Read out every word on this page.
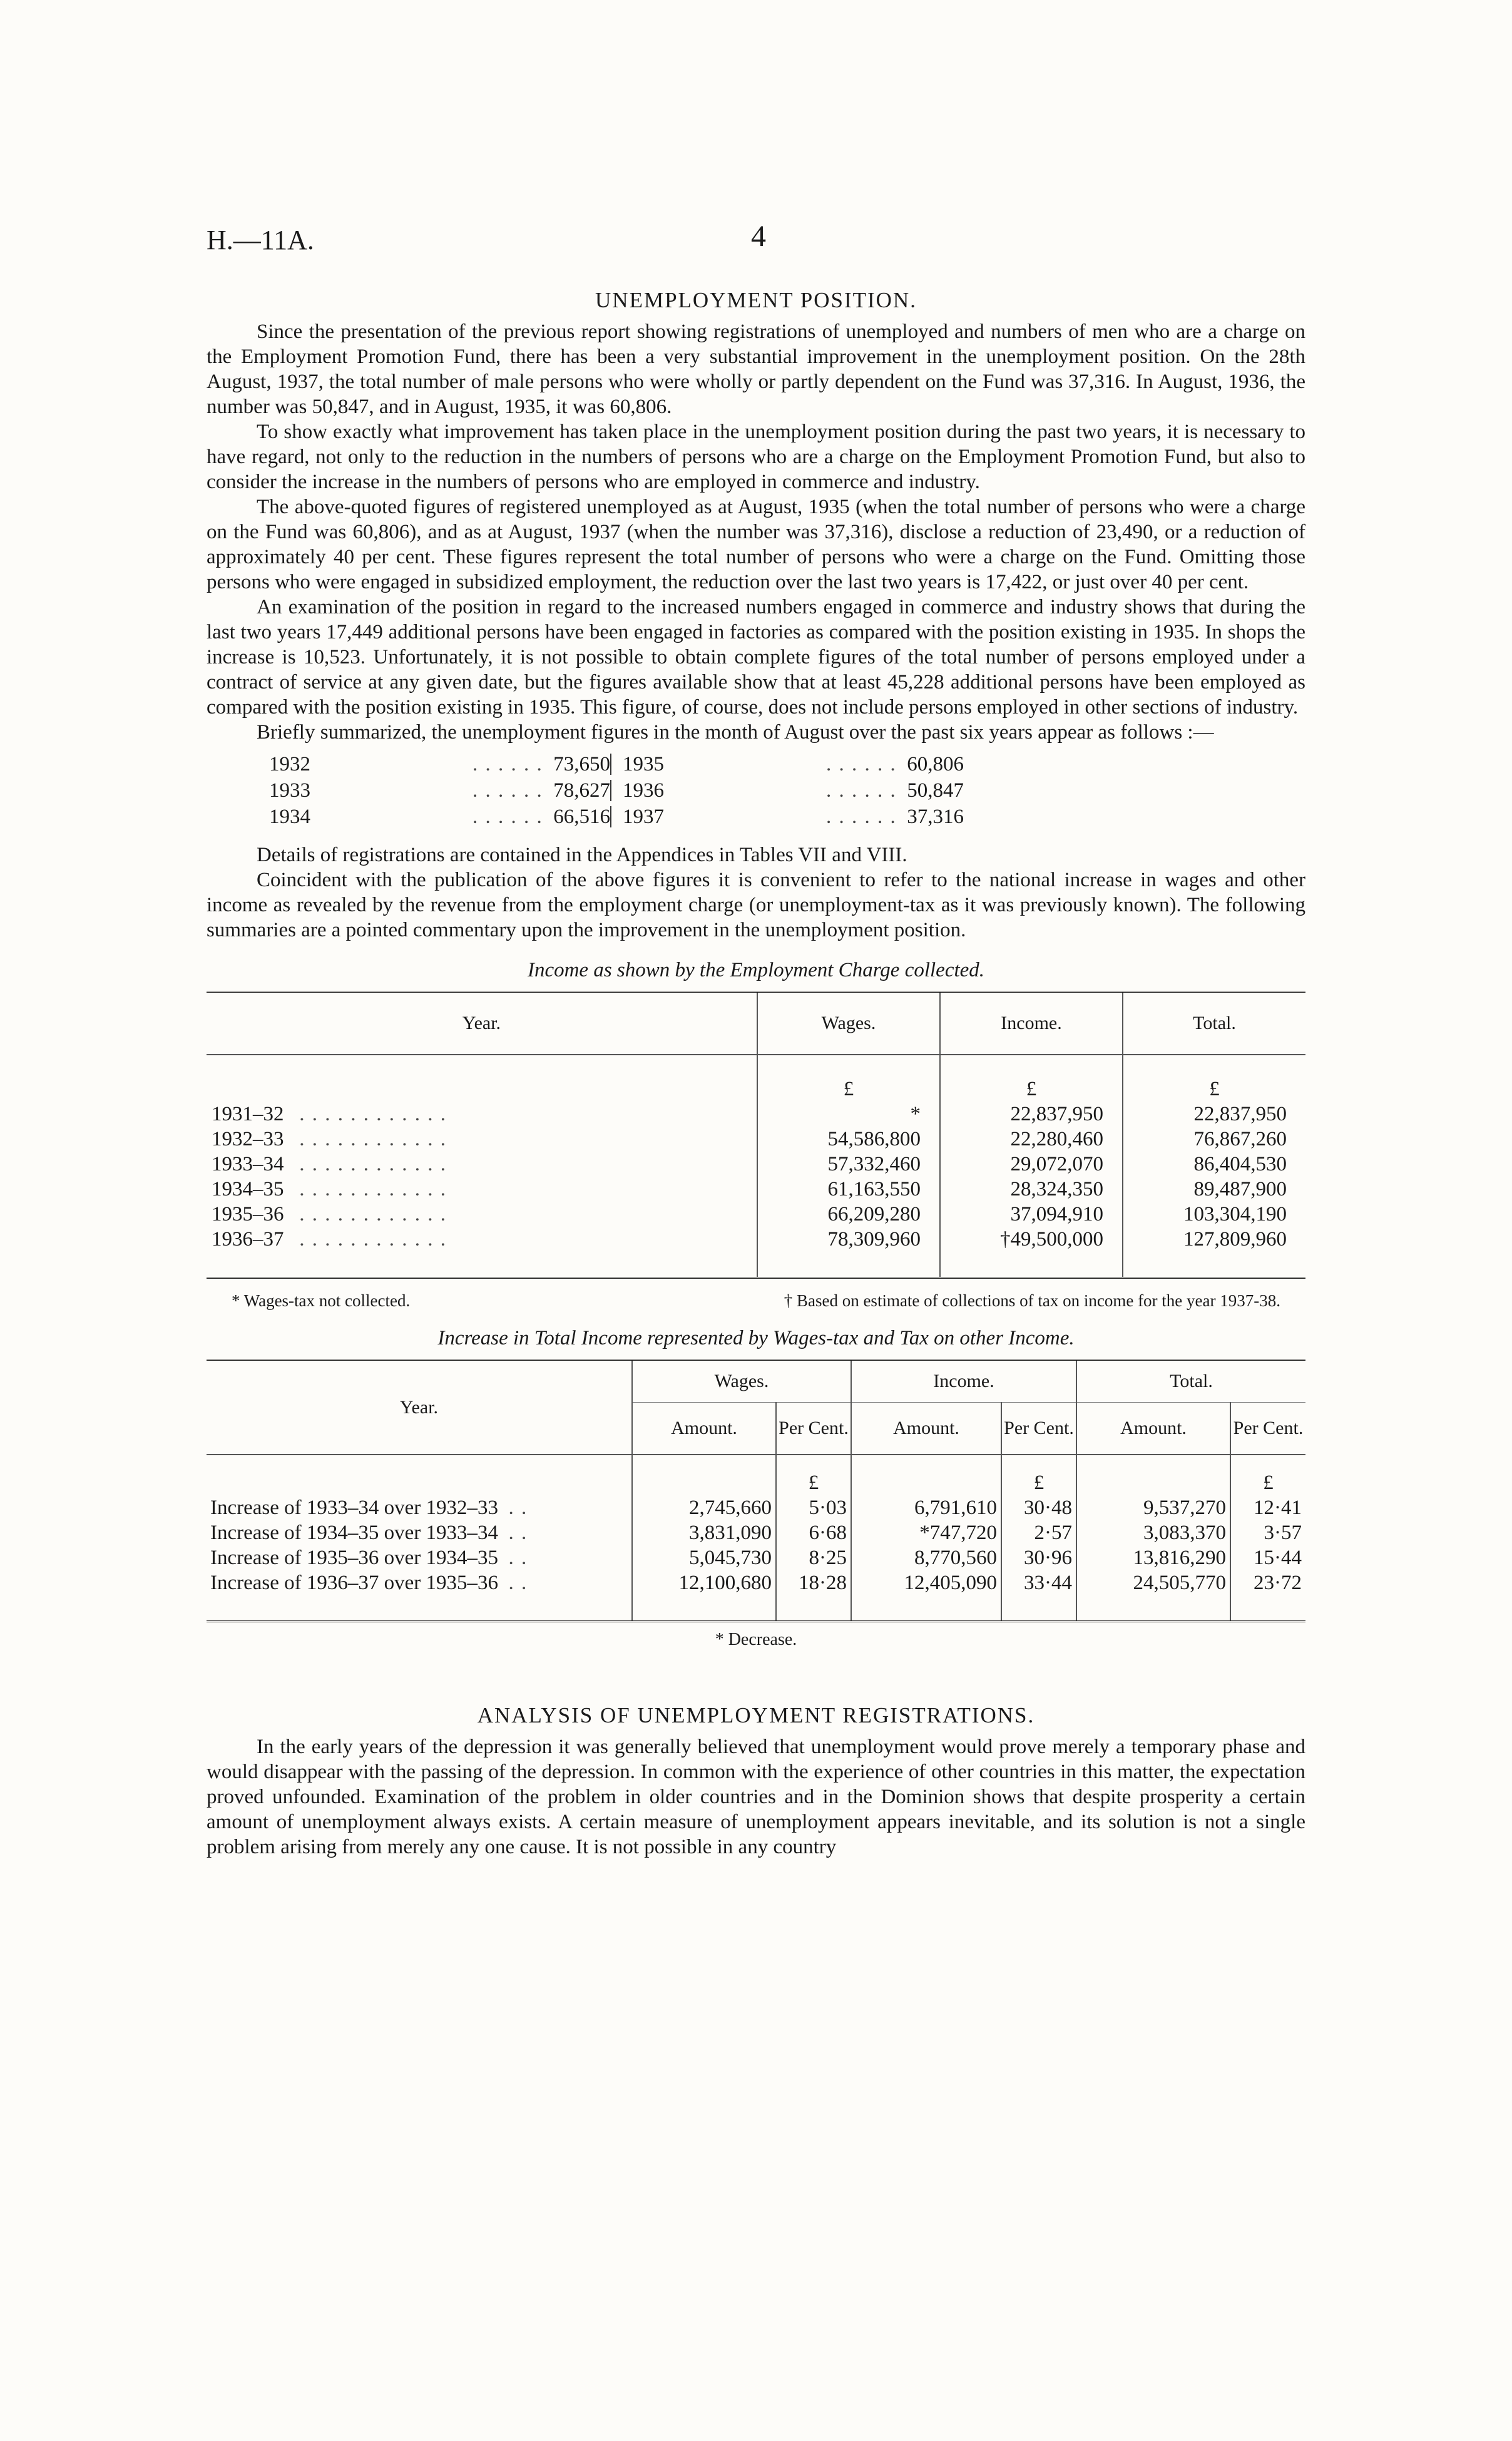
H.—11A.	4
UNEMPLOYMENT POSITION.

Since the presentation of the previous report showing registrations of unemployed and numbers of men who are a charge on the Employment Promotion Fund, there has been a very substantial improvement in the unemployment position. On the 28th August, 1937, the total number of male persons who were wholly or partly dependent on the Fund was 37,316. In August, 1936, the number was 50,847, and in August, 1935, it was 60,806.

To show exactly what improvement has taken place in the unemployment position during the past two years, it is necessary to have regard, not only to the reduction in the numbers of persons who are a charge on the Employment Promotion Fund, but also to consider the increase in the numbers of persons who are employed in commerce and industry.

The above-quoted figures of registered unemployed as at August, 1935 (when the total number of persons who were a charge on the Fund was 60,806), and as at August, 1937 (when the number was 37,316), disclose a reduction of 23,490, or a reduction of approximately 40 per cent. These figures represent the total number of persons who were a charge on the Fund. Omitting those persons who were engaged in subsidized employment, the reduction over the last two years is 17,422, or just over 40 per cent.

An examination of the position in regard to the increased numbers engaged in commerce and industry shows that during the last two years 17,449 additional persons have been engaged in factories as compared with the position existing in 1935. In shops the increase is 10,523. Unfortunately, it is not possible to obtain complete figures of the total number of persons employed under a contract of service at any given date, but the figures available show that at least 45,228 additional persons have been employed as compared with the position existing in 1935. This figure, of course, does not include persons employed in other sections of industry.

Briefly summarized, the unemployment figures in the month of August over the past six years appear as follows :—

1932	. . . . . . 73,650 1935	. . . . . . 60,806
1933	. . . . . . 78,627 1936	. . . . . . 50,847
1934	. . . . . . 66,516 1937	. . . . . . 37,316

Details of registrations are contained in the Appendices in Tables VII and VIII.

Coincident with the publication of the above figures it is convenient to refer to the national increase in wages and other income as revealed by the revenue from the employment charge (or unemployment-tax as it was previously known). The following summaries are a pointed commentary upon the improvement in the unemployment position.

Income as shown by the Employment Charge collected.
Year.	Wages.	Income.	Total.
	£	£	£
1931–32 . . . . . . . . . . . .	*	22,837,950	22,837,950
1932–33 . . . . . . . . . . . .	54,586,800	22,280,460	76,867,260
1933–34 . . . . . . . . . . . .	57,332,460	29,072,070	86,404,530
1934–35 . . . . . . . . . . . .	61,163,550	28,324,350	89,487,900
1935–36 . . . . . . . . . . . .	66,209,280	37,094,910	103,304,190
1936–37 . . . . . . . . . . . .	78,309,960	†49,500,000	127,809,960
* Wages-tax not collected.	† Based on estimate of collections of tax on income for the year 1937-38.
Increase in Total Income represented by Wages-tax and Tax on other Income.
Year.	Wages.		Income.		Total.	
	Amount.	Per Cent.	Amount.	Per Cent.	Amount.	Per Cent.
		£		£		£
Increase of 1933–34 over 1932–33 . .	2,745,660	5·03	6,791,610	30·48	9,537,270	12·41
Increase of 1934–35 over 1933–34 . .	3,831,090	6·68	*747,720	2·57	3,083,370	3·57
Increase of 1935–36 over 1934–35 . .	5,045,730	8·25	8,770,560	30·96	13,816,290	15·44
Increase of 1936–37 over 1935–36 . .	12,100,680	18·28	12,405,090	33·44	24,505,770	23·72
* Decrease.
ANALYSIS OF UNEMPLOYMENT REGISTRATIONS.

In the early years of the depression it was generally believed that unemployment would prove merely a temporary phase and would disappear with the passing of the depression. In common with the experience of other countries in this matter, the expectation proved unfounded. Examination of the problem in older countries and in the Dominion shows that despite prosperity a certain amount of unemployment always exists. A certain measure of unemployment appears inevitable, and its solution is not a single problem arising from merely any one cause. It is not possible in any country
